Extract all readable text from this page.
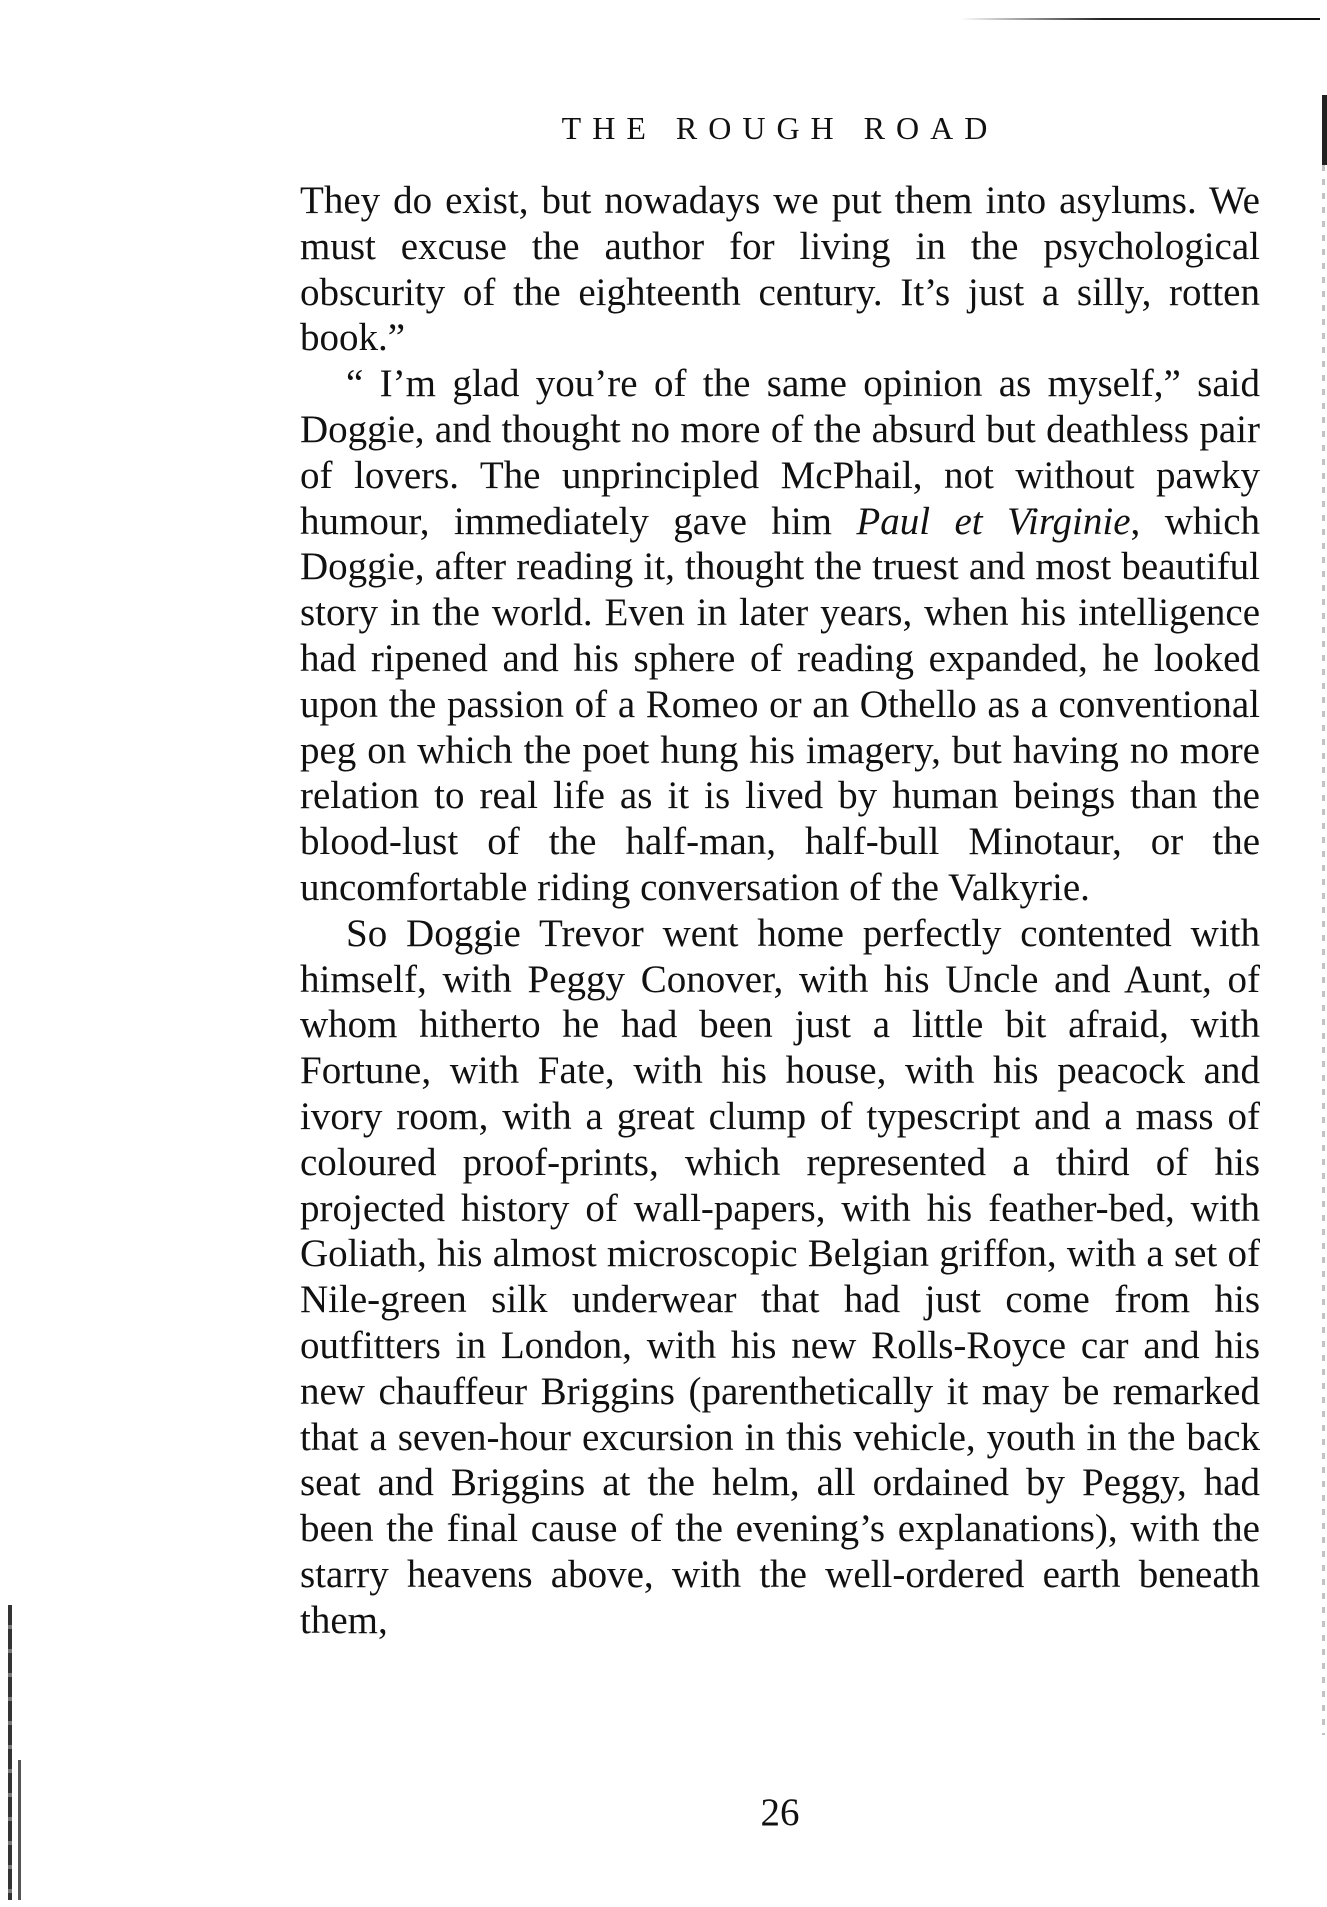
THE ROUGH ROAD

They do exist, but nowadays we put them into asylums. We must excuse the author for living in the psychological obscurity of the eighteenth century. It’s just a silly, rotten book.”

“ I’m glad you’re of the same opinion as myself,” said Doggie, and thought no more of the absurd but deathless pair of lovers. The unprincipled McPhail, not without pawky humour, immediately gave him Paul et Virginie, which Doggie, after reading it, thought the truest and most beautiful story in the world. Even in later years, when his intelligence had ripened and his sphere of reading expanded, he looked upon the passion of a Romeo or an Othello as a conventional peg on which the poet hung his imagery, but having no more relation to real life as it is lived by human beings than the blood-lust of the half-man, half-bull Minotaur, or the uncomfortable riding conversation of the Valkyrie.

So Doggie Trevor went home perfectly contented with himself, with Peggy Conover, with his Uncle and Aunt, of whom hitherto he had been just a little bit afraid, with Fortune, with Fate, with his house, with his peacock and ivory room, with a great clump of typescript and a mass of coloured proof-prints, which represented a third of his projected history of wall-papers, with his feather-bed, with Goliath, his almost microscopic Belgian griffon, with a set of Nile-green silk underwear that had just come from his outfitters in London, with his new Rolls-Royce car and his new chauffeur Briggins (parenthetically it may be remarked that a seven-hour excursion in this vehicle, youth in the back seat and Briggins at the helm, all ordained by Peggy, had been the final cause of the evening’s explanations), with the starry heavens above, with the well-ordered earth beneath them,

26
